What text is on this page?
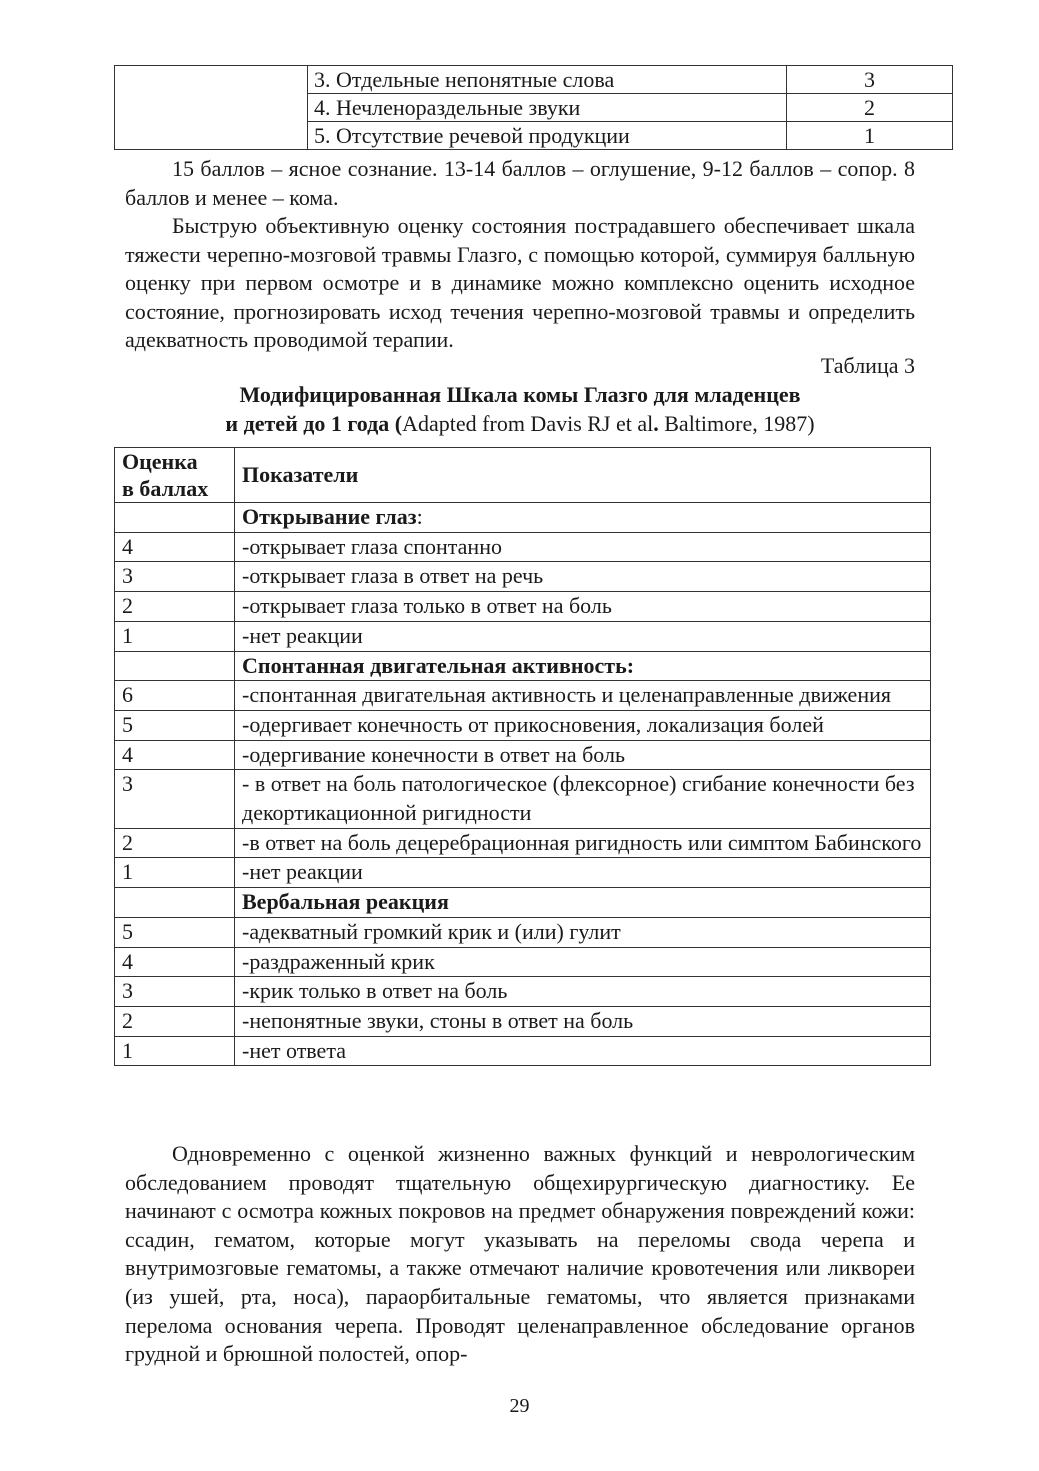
	3. Отдельные непонятные слова	3
	4. Нечленораздельные звуки	2
	5. Отсутствие речевой продукции	1
15 баллов – ясное сознание. 13-14 баллов – оглушение, 9-12 баллов – сопор. 8 баллов и менее – кома.
Быструю объективную оценку состояния пострадавшего обеспечивает шкала тяжести черепно-мозговой травмы Глазго, с помощью которой, суммируя балльную оценку при первом осмотре и в динамике можно комплексно оценить исходное состояние, прогнозировать исход течения черепно-мозговой травмы и определить адекватность проводимой терапии.
Таблица 3
Модифицированная Шкала комы Глазго для младенцев
и детей до 1 года (Adapted from Davis RJ et al. Baltimore, 1987)
Оценка
в баллах	Показатели
	Открывание глаз:
4	-открывает глаза спонтанно
3	-открывает глаза в ответ на речь
2	-открывает глаза только в ответ на боль
1	-нет реакции
	Спонтанная двигательная активность:
6	-спонтанная двигательная активность и целенаправленные движения
5	-одергивает конечность от прикосновения, локализация болей
4	-одергивание конечности в ответ на боль
3	- в ответ на боль патологическое (флексорное) сгибание конечности без декортикационной ригидности
2	-в ответ на боль децеребрационная ригидность или симптом Бабинского
1	-нет реакции
	Вербальная реакция
5	-адекватный громкий крик и (или) гулит
4	-раздраженный крик
3	-крик только в ответ на боль
2	-непонятные звуки, стоны в ответ на боль
1	-нет ответа
Одновременно с оценкой жизненно важных функций и неврологическим обследованием проводят тщательную общехирургическую диагностику. Ее начинают с осмотра кожных покровов на предмет обнаружения повреждений кожи: ссадин, гематом, которые могут указывать на переломы свода черепа и внутримозговые гематомы, а также отмечают наличие кровотечения или ликвореи (из ушей, рта, носа), параорбитальные гематомы, что является признаками перелома основания черепа. Проводят целенаправленное обследование органов грудной и брюшной полостей, опор-
29
